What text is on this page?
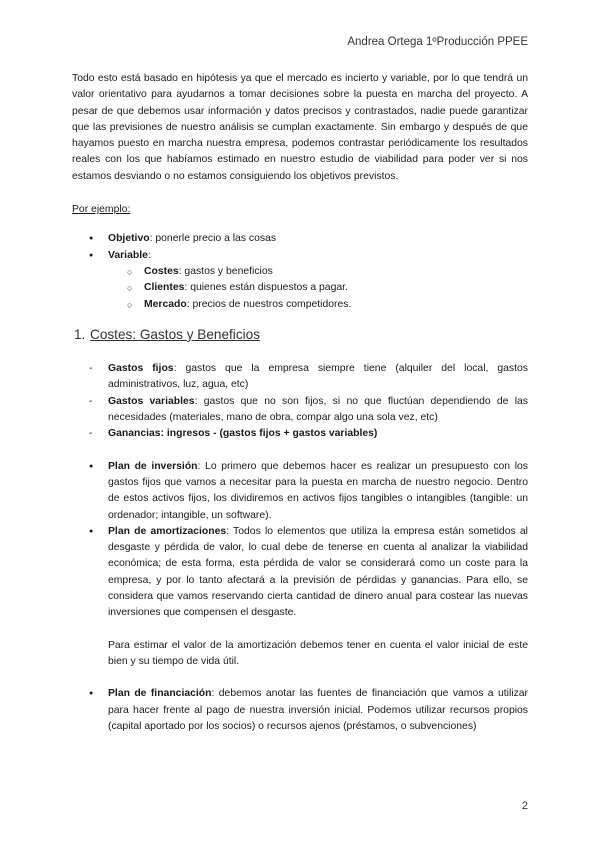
Andrea Ortega 1ºProducción PPEE

Todo esto está basado en hipótesis ya que el mercado es incierto y variable, por lo que tendrá un valor orientativo para ayudarnos a tomar decisiones sobre la puesta en marcha del proyecto. A pesar de que debemos usar información y datos precisos y contrastados, nadie puede garantizar que las previsiones de nuestro análisis se cumplan exactamente. Sin embargo y después de que hayamos puesto en marcha nuestra empresa, podemos contrastar periódicamente los resultados reales con los que habíamos estimado en nuestro estudio de viabilidad para poder ver si nos estamos desviando o no estamos consiguiendo los objetivos previstos.

Por ejemplo:
● Objetivo: ponerle precio a las cosas
● Variable:
○ Costes: gastos y beneficios
○ Clientes: quienes están dispuestos a pagar.
○ Mercado: precios de nuestros competidores.
1. Costes: Gastos y Beneficios
- Gastos fijos: gastos que la empresa siempre tiene (alquiler del local, gastos administrativos, luz, agua, etc)
- Gastos variables: gastos que no son fijos, si no que fluctúan dependiendo de las necesidades (materiales, mano de obra, compar algo una sola vez, etc)
- Ganancias: ingresos - (gastos fijos + gastos variables)
● Plan de inversión: Lo primero que debemos hacer es realizar un presupuesto con los gastos fijos que vamos a necesitar para la puesta en marcha de nuestro negocio. Dentro de estos activos fijos, los dividiremos en activos fijos tangibles o intangibles (tangible: un ordenador; intangible, un software).
● Plan de amortizaciones: Todos lo elementos que utiliza la empresa están sometidos al desgaste y pérdida de valor, lo cual debe de tenerse en cuenta al analizar la viabilidad económica; de esta forma, esta pérdida de valor se considerará como un coste para la empresa, y por lo tanto afectará a la previsión de pérdidas y ganancias. Para ello, se considera que vamos reservando cierta cantidad de dinero anual para costear las nuevas inversiones que compensen el desgaste.
Para estimar el valor de la amortización debemos tener en cuenta el valor inicial de este bien y su tiempo de vida útil.
● Plan de financiación: debemos anotar las fuentes de financiación que vamos a utilizar para hacer frente al pago de nuestra inversión inicial. Podemos utilizar recursos propios (capital aportado por los socios) o recursos ajenos (préstamos, o subvenciones)
2
